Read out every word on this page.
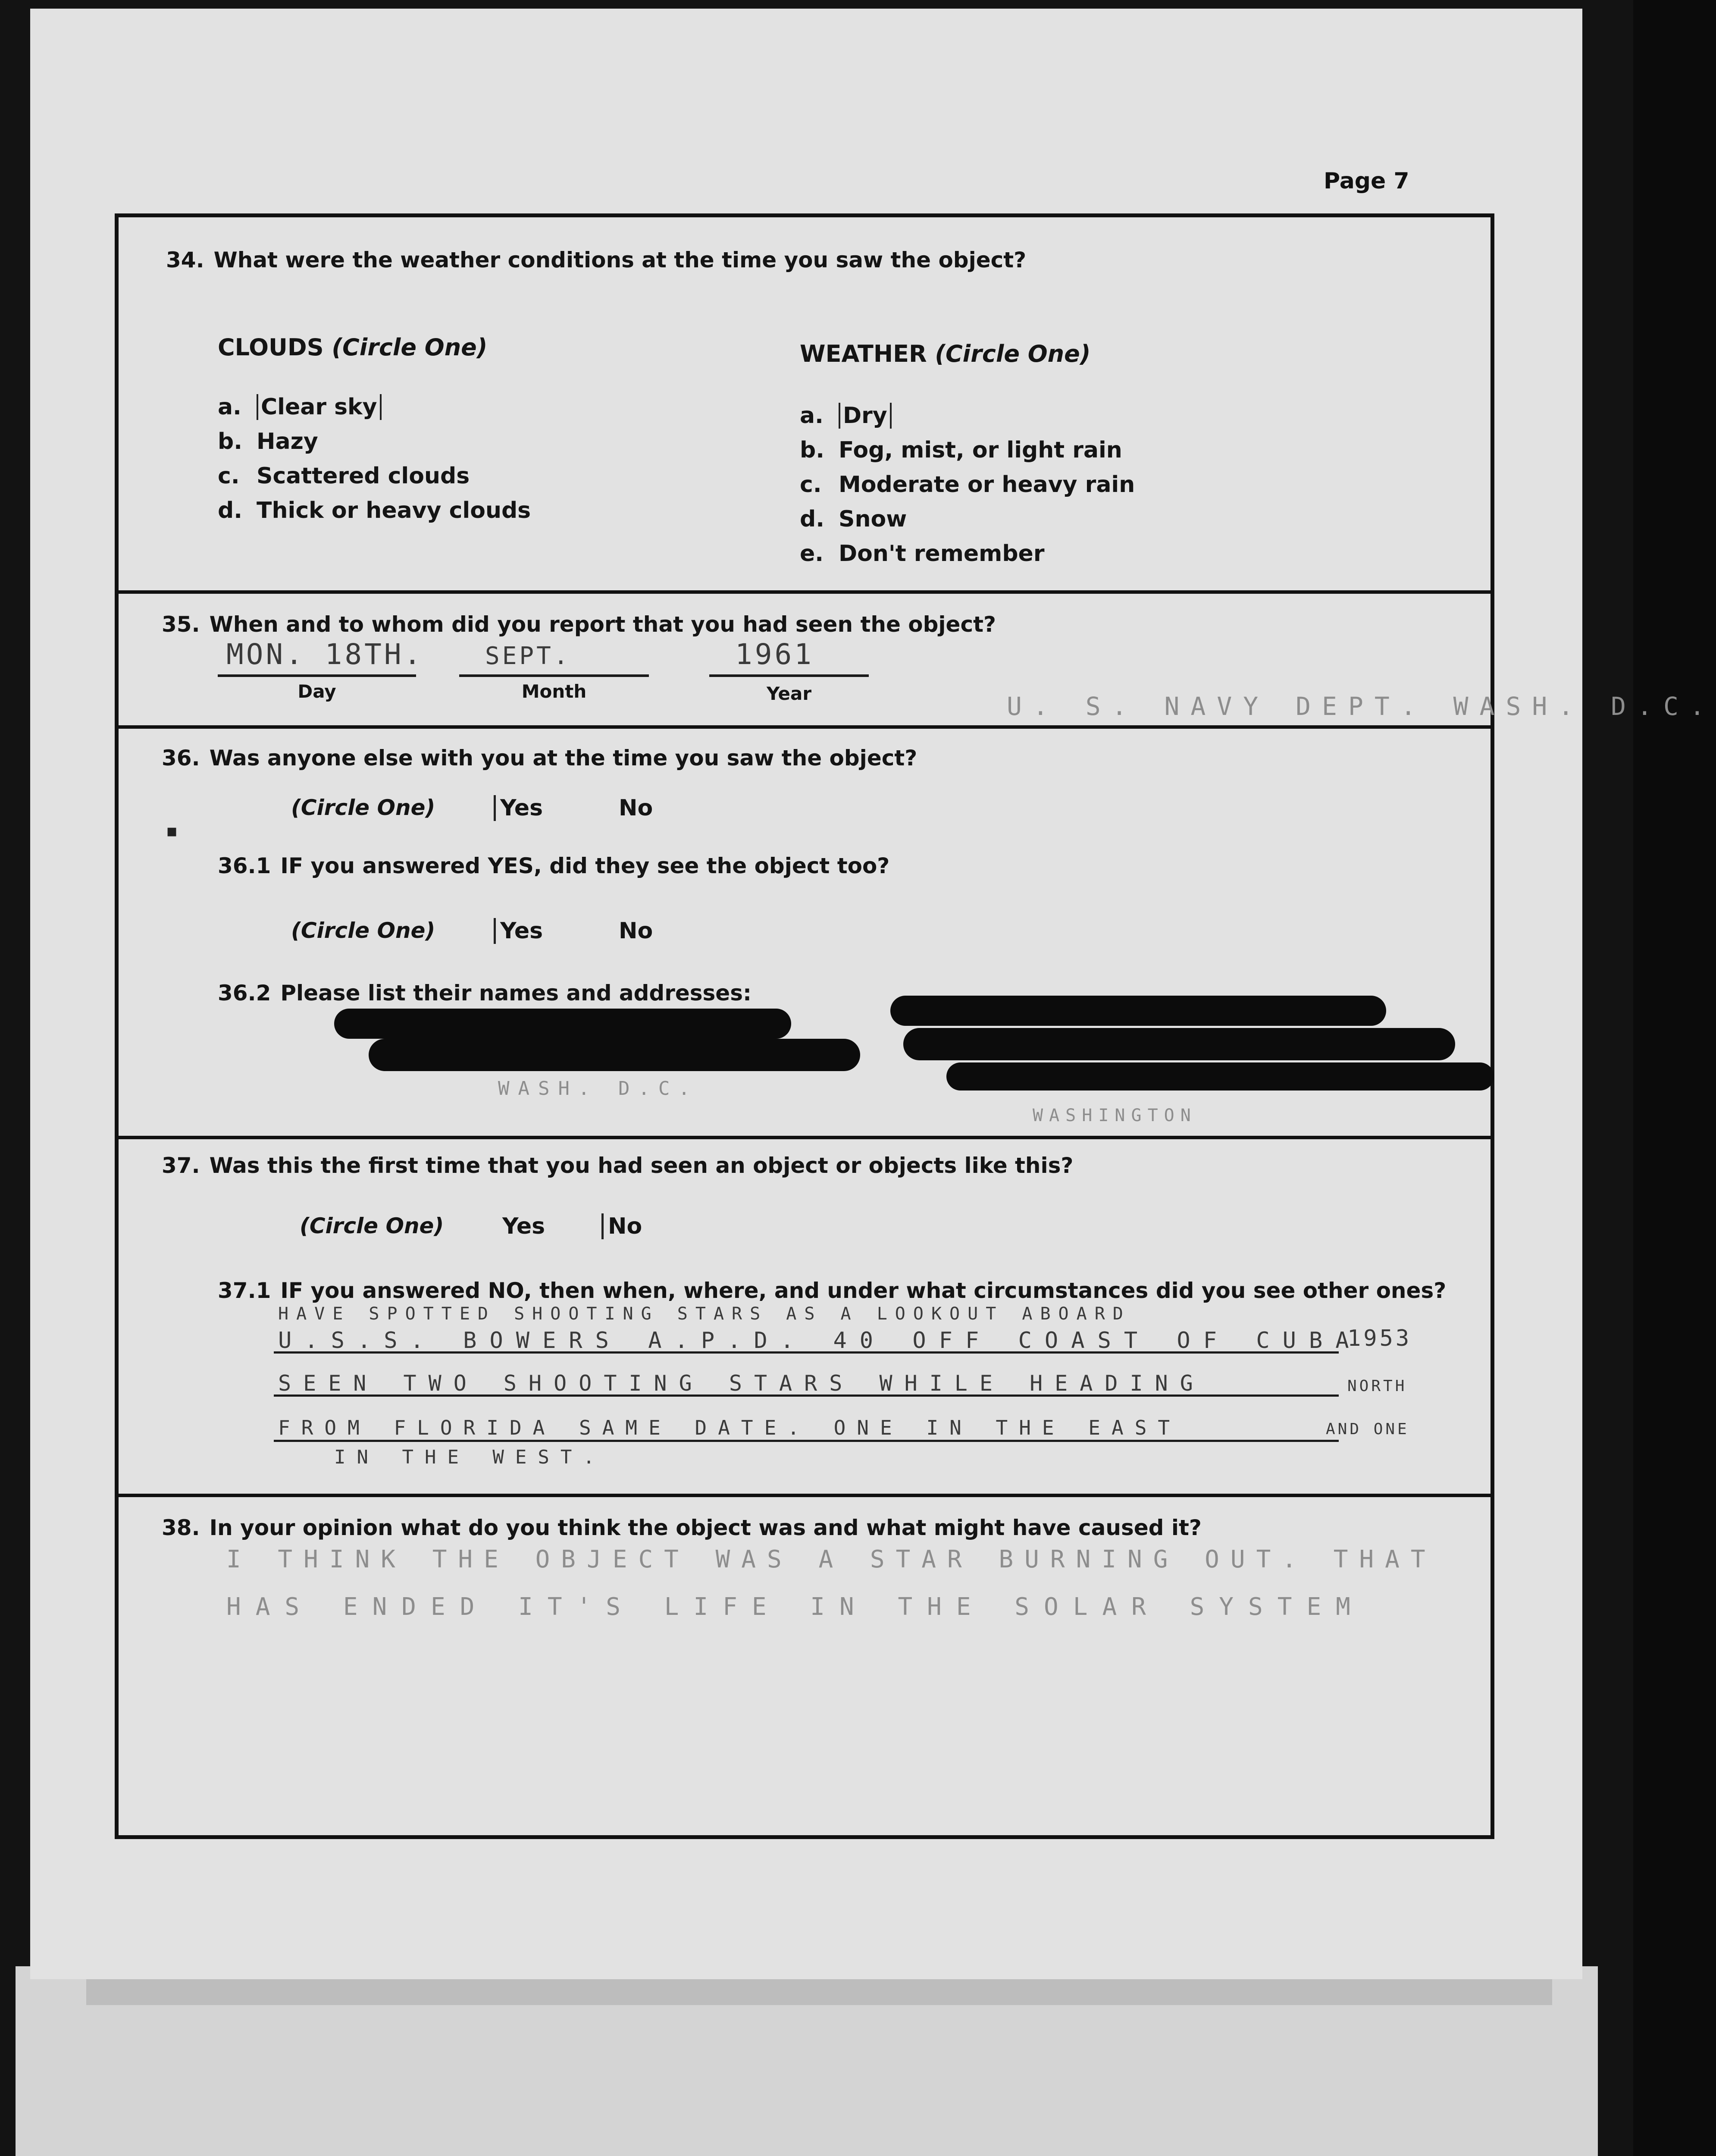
Page 7
34. What were the weather conditions at the time you saw the object?
CLOUDS (Circle One)	WEATHER (Circle One)
a. Clear sky
b. Hazy
c. Scattered clouds
d. Thick or heavy clouds
a. Dry
b. Fog, mist, or light rain
c. Moderate or heavy rain
d. Snow
e. Don't remember
35. When and to whom did you report that you had seen the object?
MON. 18TH.	SEPT.	1961
Day	Month	Year	U. S. NAVY DEPT. WASH. D.C.
36. Was anyone else with you at the time you saw the object?
(Circle One)	Yes	No
▪
36.1 IF you answered YES, did they see the object too?
(Circle One)	Yes	No
36.2 Please list their names and addresses:
WASH. D.C.
WASHINGTON
37. Was this the first time that you had seen an object or objects like this?
(Circle One)	Yes	No
37.1 IF you answered NO, then when, where, and under what circumstances did you see other ones?
HAVE SPOTTED SHOOTING STARS AS A LOOKOUT ABOARD
U.S.S. BOWERS A.P.D. 40 OFF COAST OF CUBA
1953
SEEN TWO SHOOTING STARS WHILE HEADING	NORTH
FROM FLORIDA SAME DATE. ONE IN THE EAST	AND ONE
IN THE WEST.
38. In your opinion what do you think the object was and what might have caused it?
I THINK THE OBJECT WAS A STAR BURNING OUT. THAT
HAS ENDED IT'S LIFE IN THE SOLAR SYSTEM
